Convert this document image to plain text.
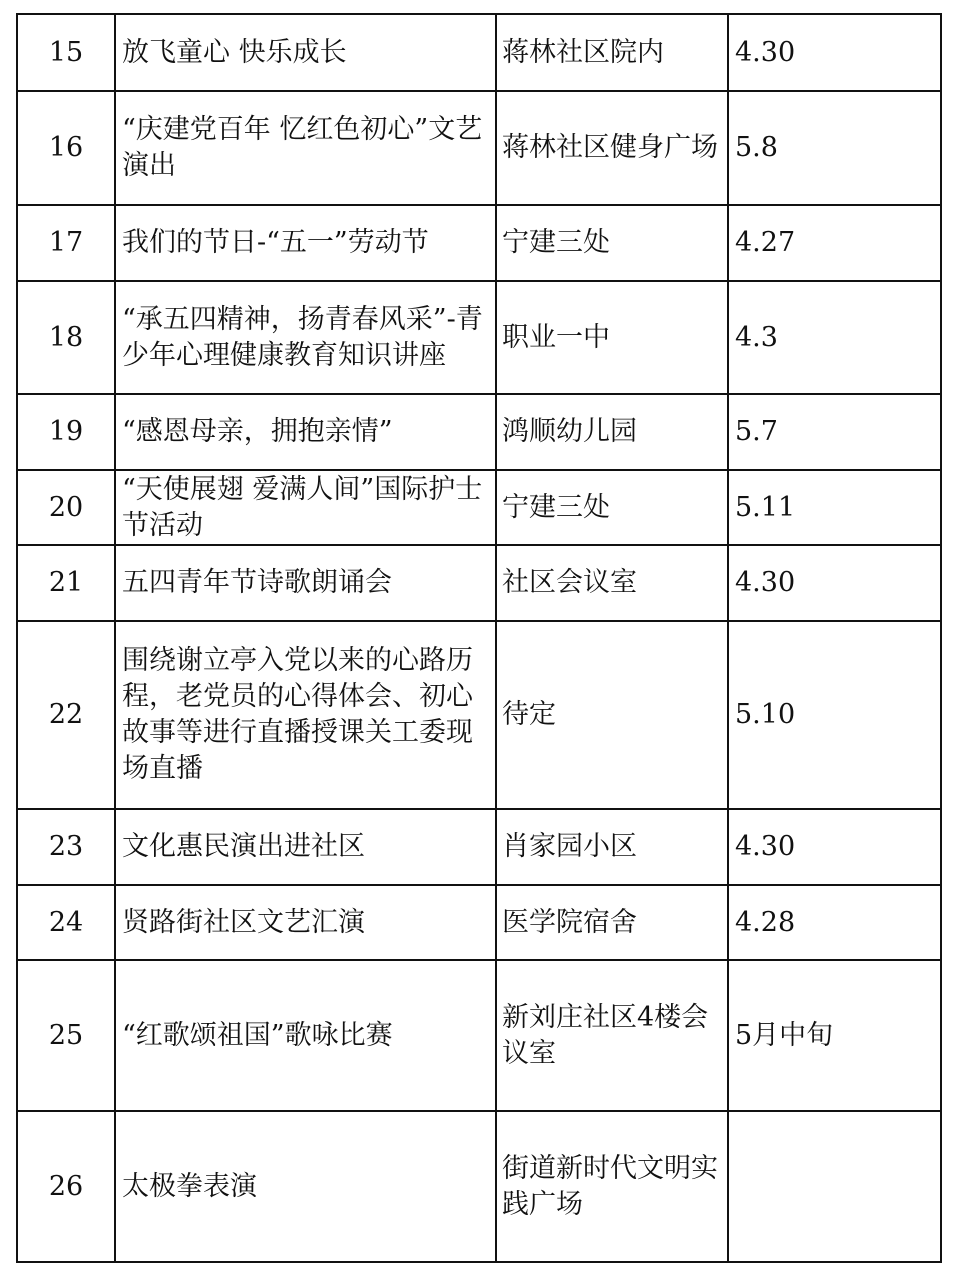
15	放飞童心 快乐成长	蒋林社区院内	4.30
16	“庆建党百年 忆红色初心”文艺演出	蒋林社区健身广场	5.8
17	我们的节日-“五一”劳动节	宁建三处	4.27
18	“承五四精神，扬青春风采”-青少年心理健康教育知识讲座	职业一中	4.3
19	“感恩母亲，拥抱亲情”	鸿顺幼儿园	5.7
20	“天使展翅 爱满人间”国际护士节活动	宁建三处	5.11
21	五四青年节诗歌朗诵会	社区会议室	4.30
22	围绕谢立亭入党以来的心路历程，老党员的心得体会、初心故事等进行直播授课关工委现场直播	待定	5.10
23	文化惠民演出进社区	肖家园小区	4.30
24	贤路街社区文艺汇演	医学院宿舍	4.28
25	“红歌颂祖国”歌咏比赛	新刘庄社区4楼会议室	5月中旬
26	太极拳表演	街道新时代文明实践广场	
